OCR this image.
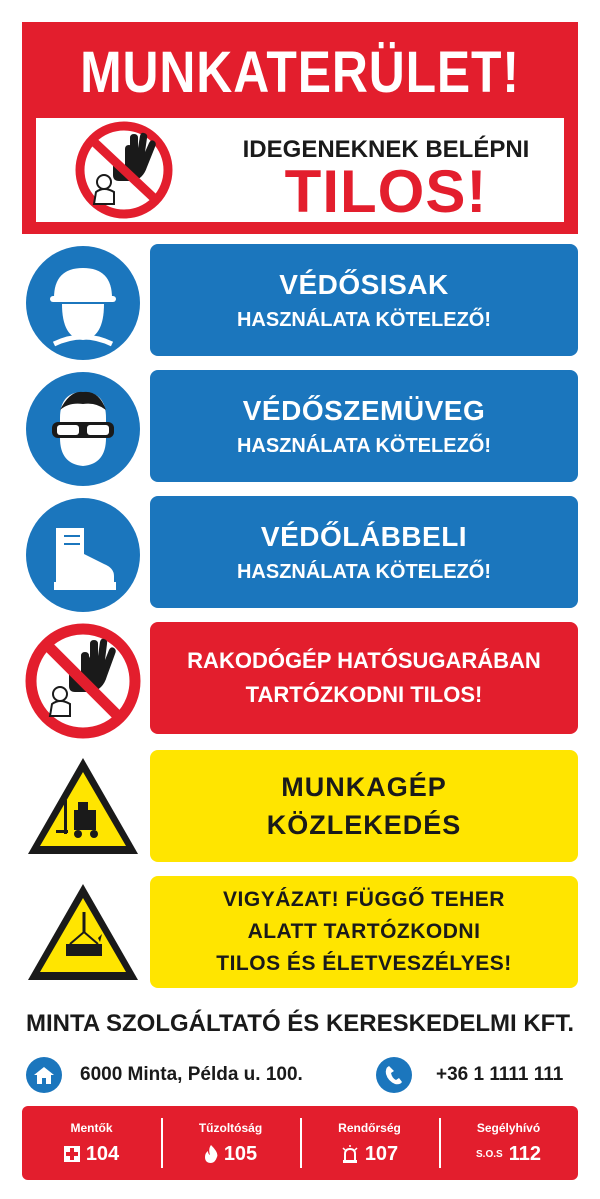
MUNKATERÜLET!
IDEGENEKNEK BELÉPNI
TILOS!
VÉDŐSISAK
HASZNÁLATA KÖTELEZŐ!
VÉDŐSZEMÜVEG
HASZNÁLATA KÖTELEZŐ!
VÉDŐLÁBBELI
HASZNÁLATA KÖTELEZŐ!
RAKODÓGÉP HATÓSUGARÁBAN
TARTÓZKODNI TILOS!
MUNKAGÉP
KÖZLEKEDÉS
VIGYÁZAT! FÜGGŐ TEHER
ALATT TARTÓZKODNI
TILOS ÉS ÉLETVESZÉLYES!
MINTA SZOLGÁLTATÓ ÉS KERESKEDELMI KFT.
6000 Minta, Példa u. 100.	+36 1 1111 111
Mentők
104
Tűzoltóság
105
Rendőrség
107
Segélyhívó
S.O.S 112
